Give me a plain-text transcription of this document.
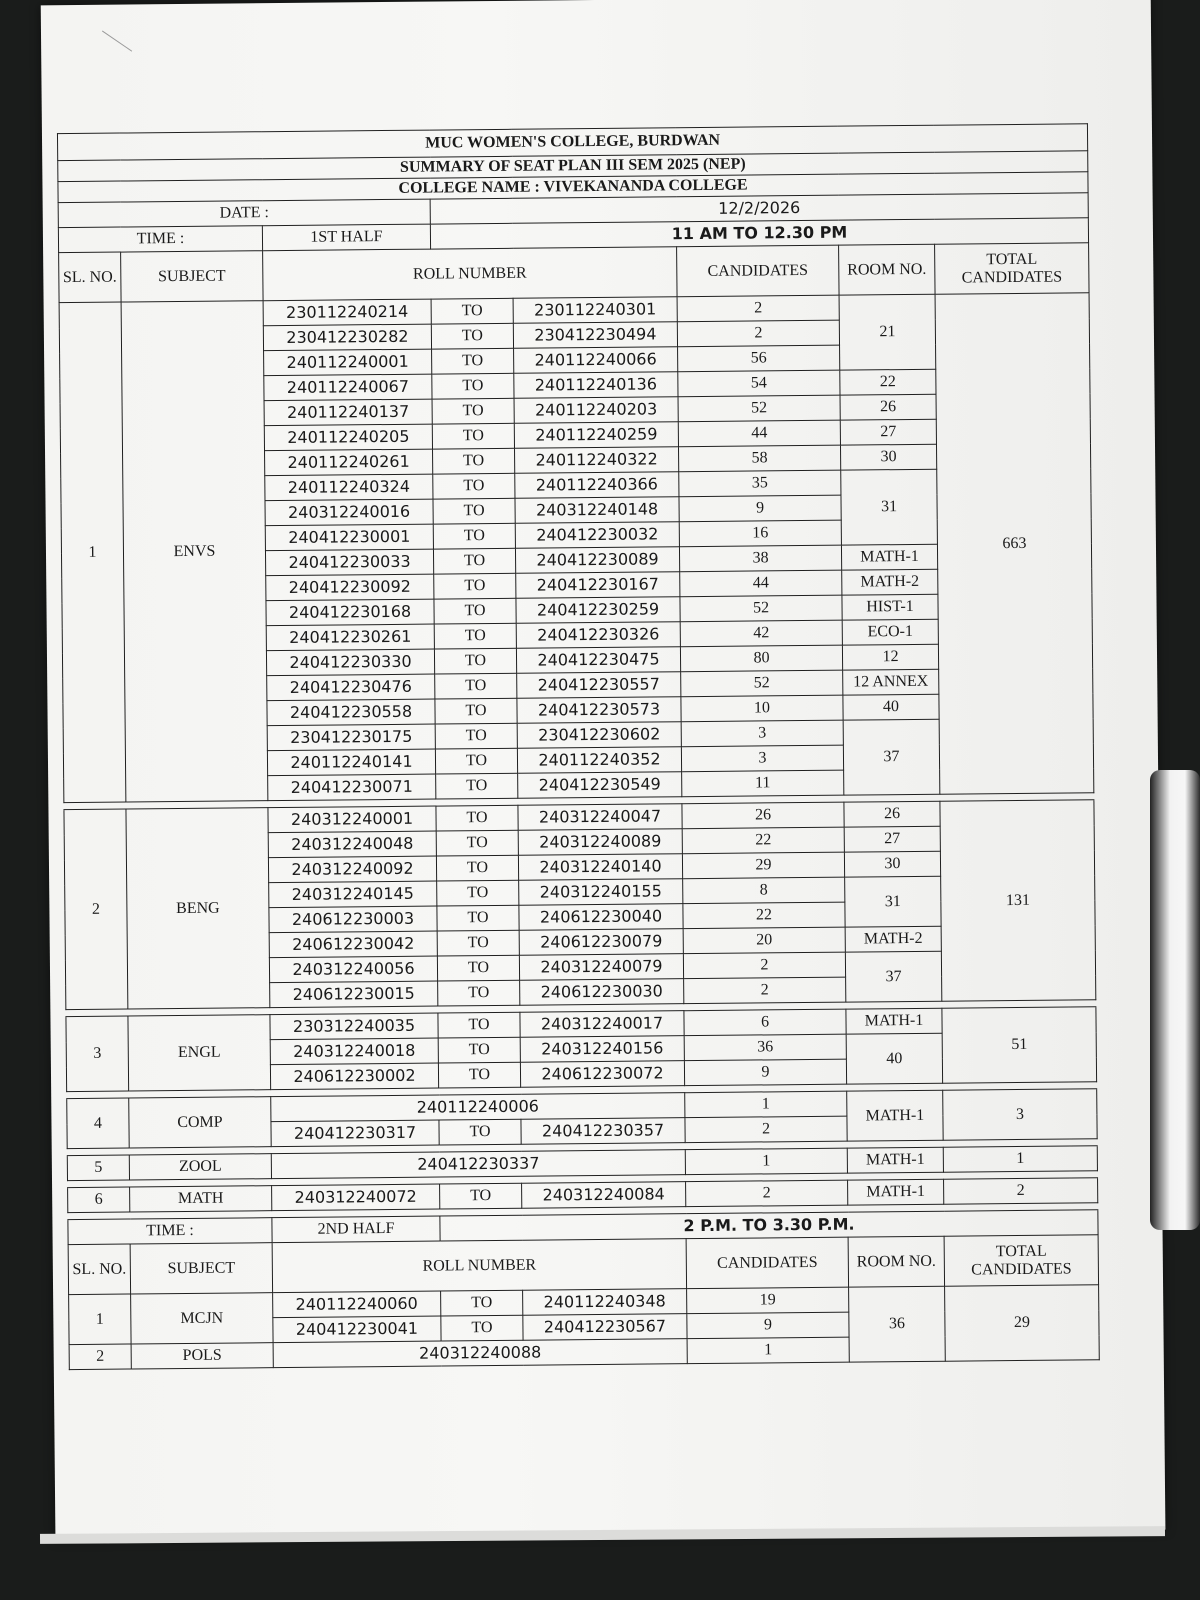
MUC WOMEN'S COLLEGE, BURDWAN							
SUMMARY OF SEAT PLAN III SEM 2025 (NEP)							
COLLEGE NAME : VIVEKANANDA COLLEGE							
DATE :			12/2/2026				
TIME :		1ST HALF	11 AM TO 12.30 PM				
SL. NO.	SUBJECT	ROLL NUMBER			CANDIDATES	ROOM NO.	TOTAL CANDIDATES
1	ENVS	230112240214	TO	230112240301	2	21	663
		230412230282	TO	230412230494	2		
		240112240001	TO	240112240066	56		
		240112240067	TO	240112240136	54	22	
		240112240137	TO	240112240203	52	26	
		240112240205	TO	240112240259	44	27	
		240112240261	TO	240112240322	58	30	
		240112240324	TO	240112240366	35	31	
		240312240016	TO	240312240148	9		
		240412230001	TO	240412230032	16		
		240412230033	TO	240412230089	38	MATH-1	
		240412230092	TO	240412230167	44	MATH-2	
		240412230168	TO	240412230259	52	HIST-1	
		240412230261	TO	240412230326	42	ECO-1	
		240412230330	TO	240412230475	80	12	
		240412230476	TO	240412230557	52	12 ANNEX	
		240412230558	TO	240412230573	10	40	
		230412230175	TO	230412230602	3	37	
		240112240141	TO	240112240352	3		
		240412230071	TO	240412230549	11		

2	BENG	240312240001	TO	240312240047	26	26	131
		240312240048	TO	240312240089	22	27	
		240312240092	TO	240312240140	29	30	
		240312240145	TO	240312240155	8	31	
		240612230003	TO	240612230040	22		
		240612230042	TO	240612230079	20	MATH-2	
		240312240056	TO	240312240079	2	37	
		240612230015	TO	240612230030	2		

3	ENGL	230312240035	TO	240312240017	6	MATH-1	51
		240312240018	TO	240312240156	36	40	
		240612230002	TO	240612230072	9		

4	COMP	240112240006			1	MATH-1	3
		240412230317	TO	240412230357	2		

5	ZOOL	240412230337			1	MATH-1	1

6	MATH	240312240072	TO	240312240084	2	MATH-1	2

TIME :		2ND HALF	2 P.M. TO 3.30 P.M.				
SL. NO.	SUBJECT	ROLL NUMBER			CANDIDATES	ROOM NO.	TOTAL CANDIDATES
1	MCJN	240112240060	TO	240112240348	19	36	29
		240412230041	TO	240412230567	9		
2	POLS	240312240088			1		
